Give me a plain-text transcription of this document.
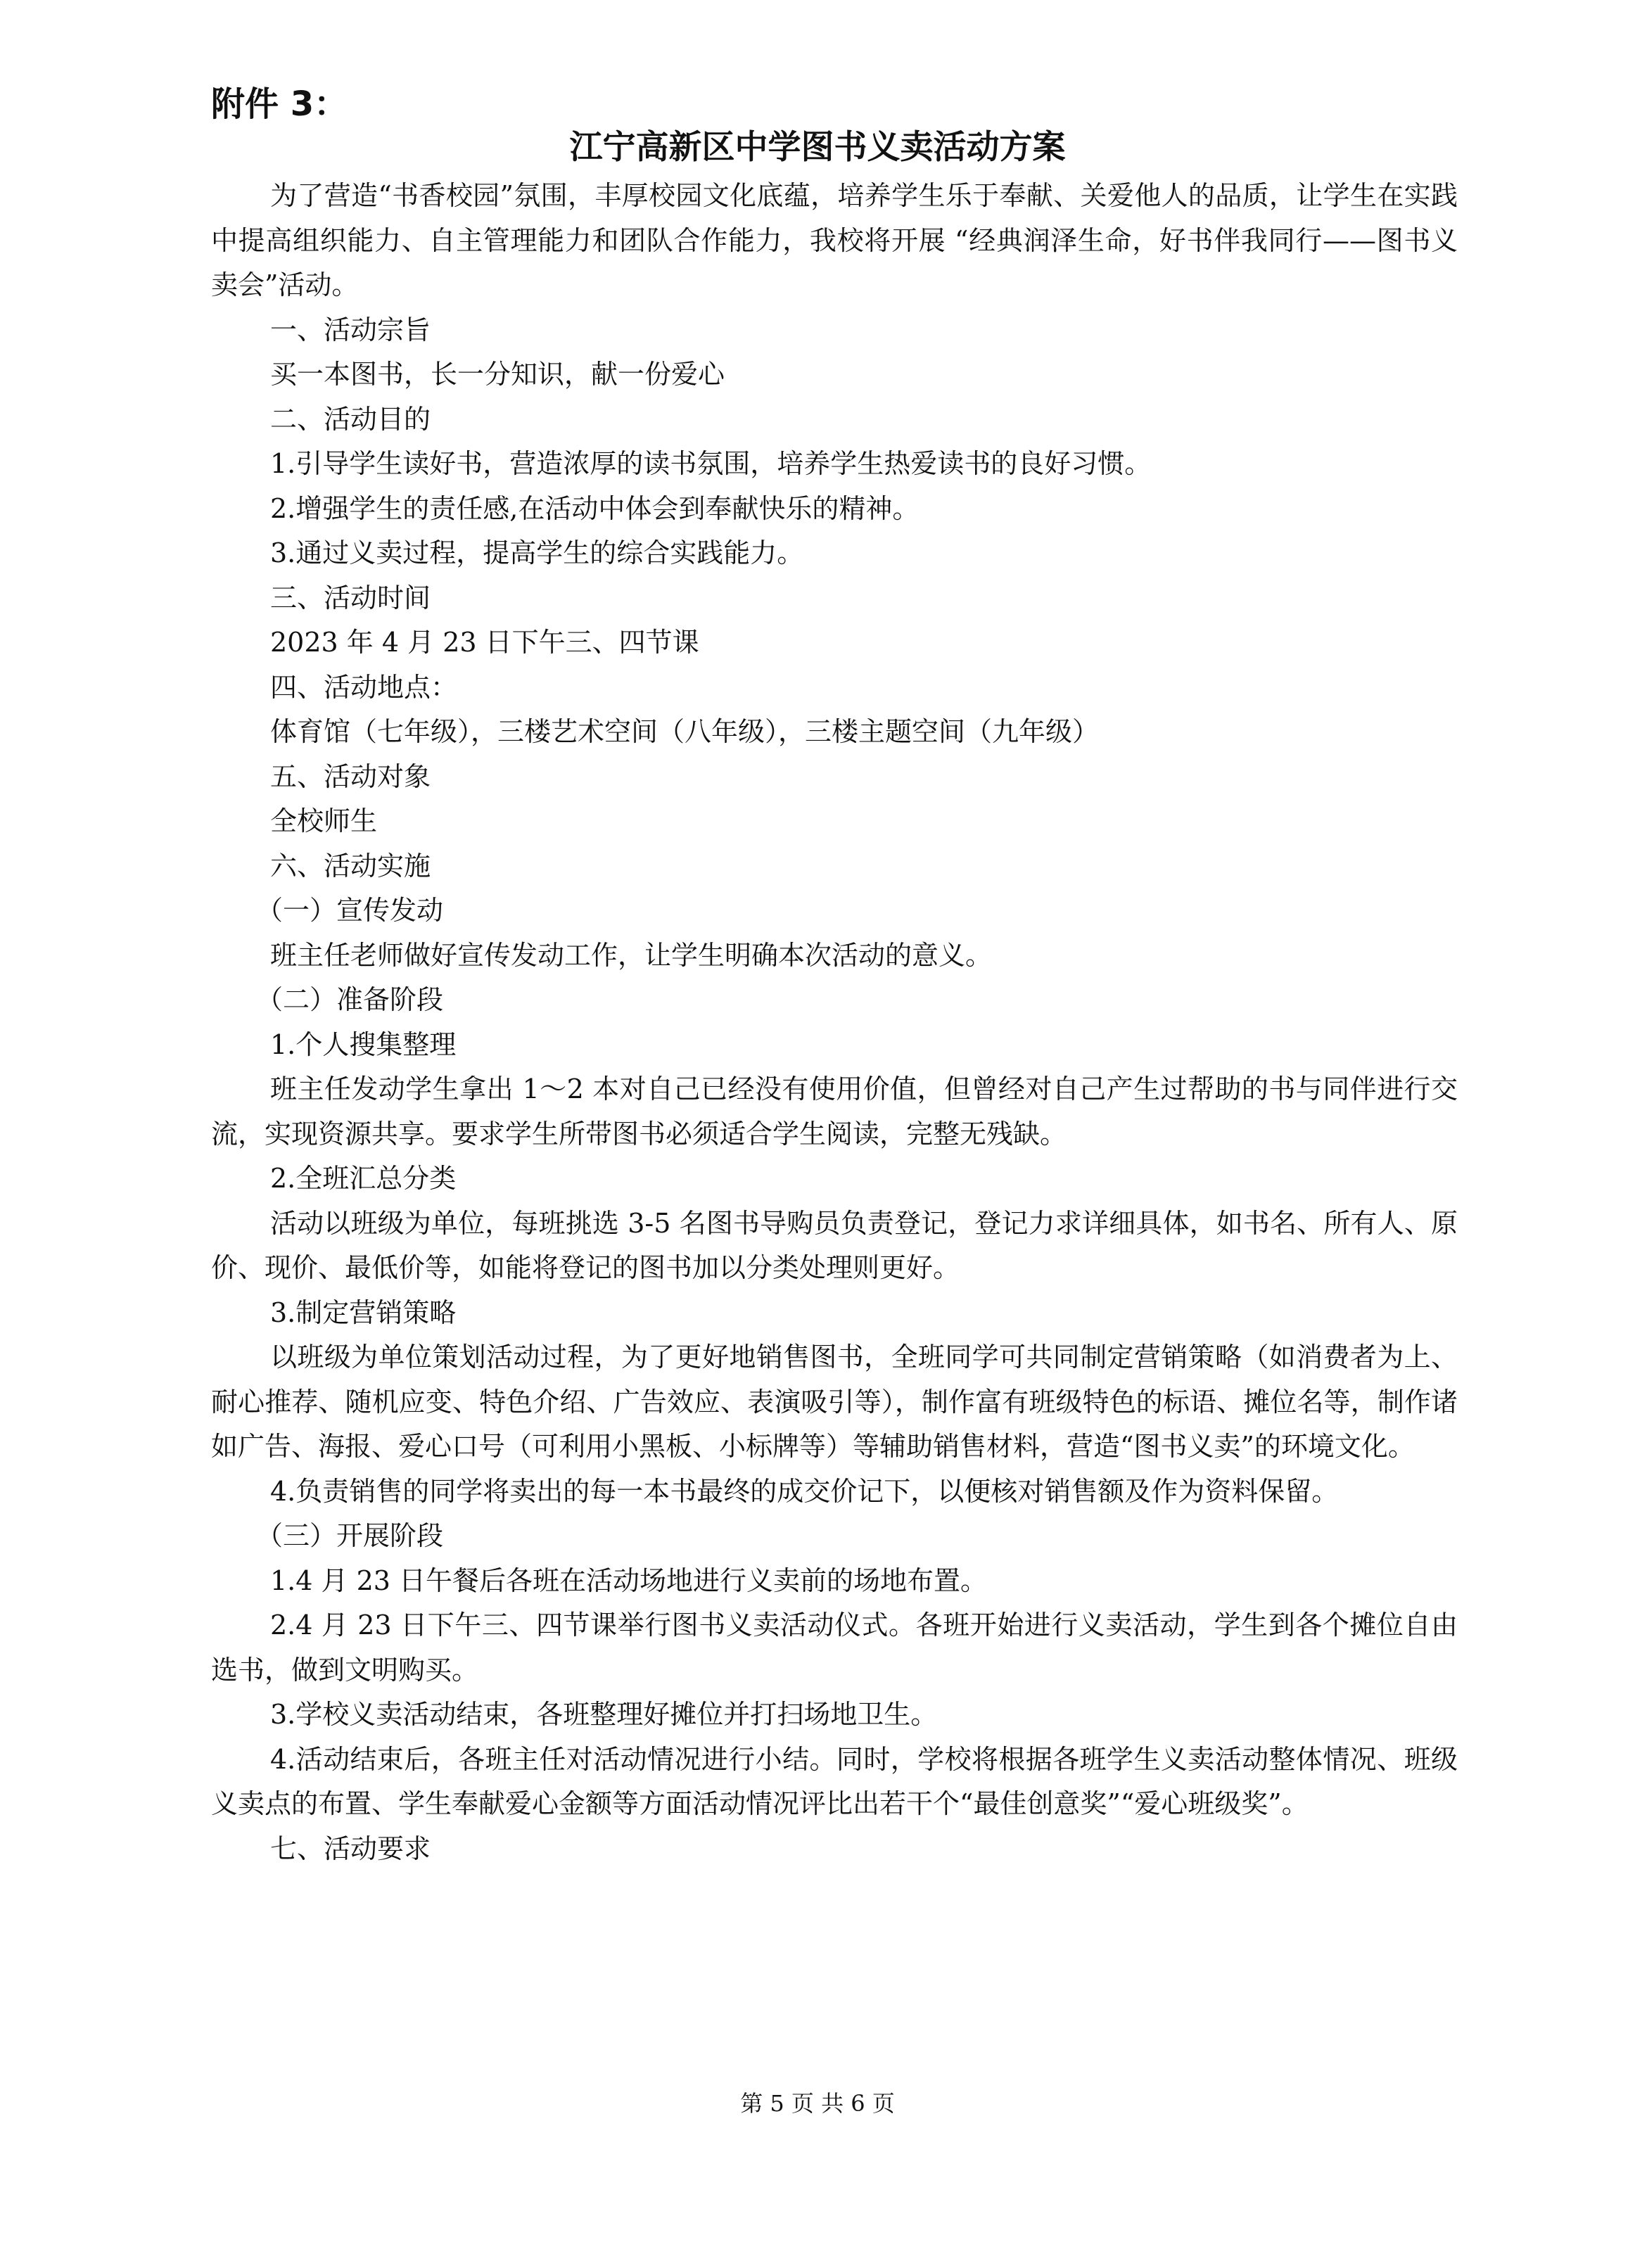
附件 3：
江宁高新区中学图书义卖活动方案

为了营造“书香校园”氛围，丰厚校园文化底蕴，培养学生乐于奉献、关爱他人的品质，让学生在实践中提高组织能力、自主管理能力和团队合作能力，我校将开展 “经典润泽生命，好书伴我同行——图书义卖会”活动。

一、活动宗旨

买一本图书，长一分知识，献一份爱心

二、活动目的

1.引导学生读好书，营造浓厚的读书氛围，培养学生热爱读书的良好习惯。

2.增强学生的责任感,在活动中体会到奉献快乐的精神。

3.通过义卖过程，提高学生的综合实践能力。

三、活动时间

2023 年 4 月 23 日下午三、四节课

四、活动地点：

体育馆（七年级），三楼艺术空间（八年级），三楼主题空间（九年级）

五、活动对象

全校师生

六、活动实施

（一）宣传发动

班主任老师做好宣传发动工作，让学生明确本次活动的意义。

（二）准备阶段

1.个人搜集整理

班主任发动学生拿出 1～2 本对自己已经没有使用价值，但曾经对自己产生过帮助的书与同伴进行交流，实现资源共享。要求学生所带图书必须适合学生阅读，完整无残缺。

2.全班汇总分类

活动以班级为单位，每班挑选 3-5 名图书导购员负责登记，登记力求详细具体，如书名、所有人、原价、现价、最低价等，如能将登记的图书加以分类处理则更好。

3.制定营销策略

以班级为单位策划活动过程，为了更好地销售图书，全班同学可共同制定营销策略（如消费者为上、耐心推荐、随机应变、特色介绍、广告效应、表演吸引等），制作富有班级特色的标语、摊位名等，制作诸如广告、海报、爱心口号（可利用小黑板、小标牌等）等辅助销售材料，营造“图书义卖”的环境文化。

4.负责销售的同学将卖出的每一本书最终的成交价记下，以便核对销售额及作为资料保留。

（三）开展阶段

1.4 月 23 日午餐后各班在活动场地进行义卖前的场地布置。

2.4 月 23 日下午三、四节课举行图书义卖活动仪式。各班开始进行义卖活动，学生到各个摊位自由选书，做到文明购买。

3.学校义卖活动结束，各班整理好摊位并打扫场地卫生。

4.活动结束后，各班主任对活动情况进行小结。同时，学校将根据各班学生义卖活动整体情况、班级义卖点的布置、学生奉献爱心金额等方面活动情况评比出若干个“最佳创意奖”“爱心班级奖”。

七、活动要求

第 5 页 共 6 页
